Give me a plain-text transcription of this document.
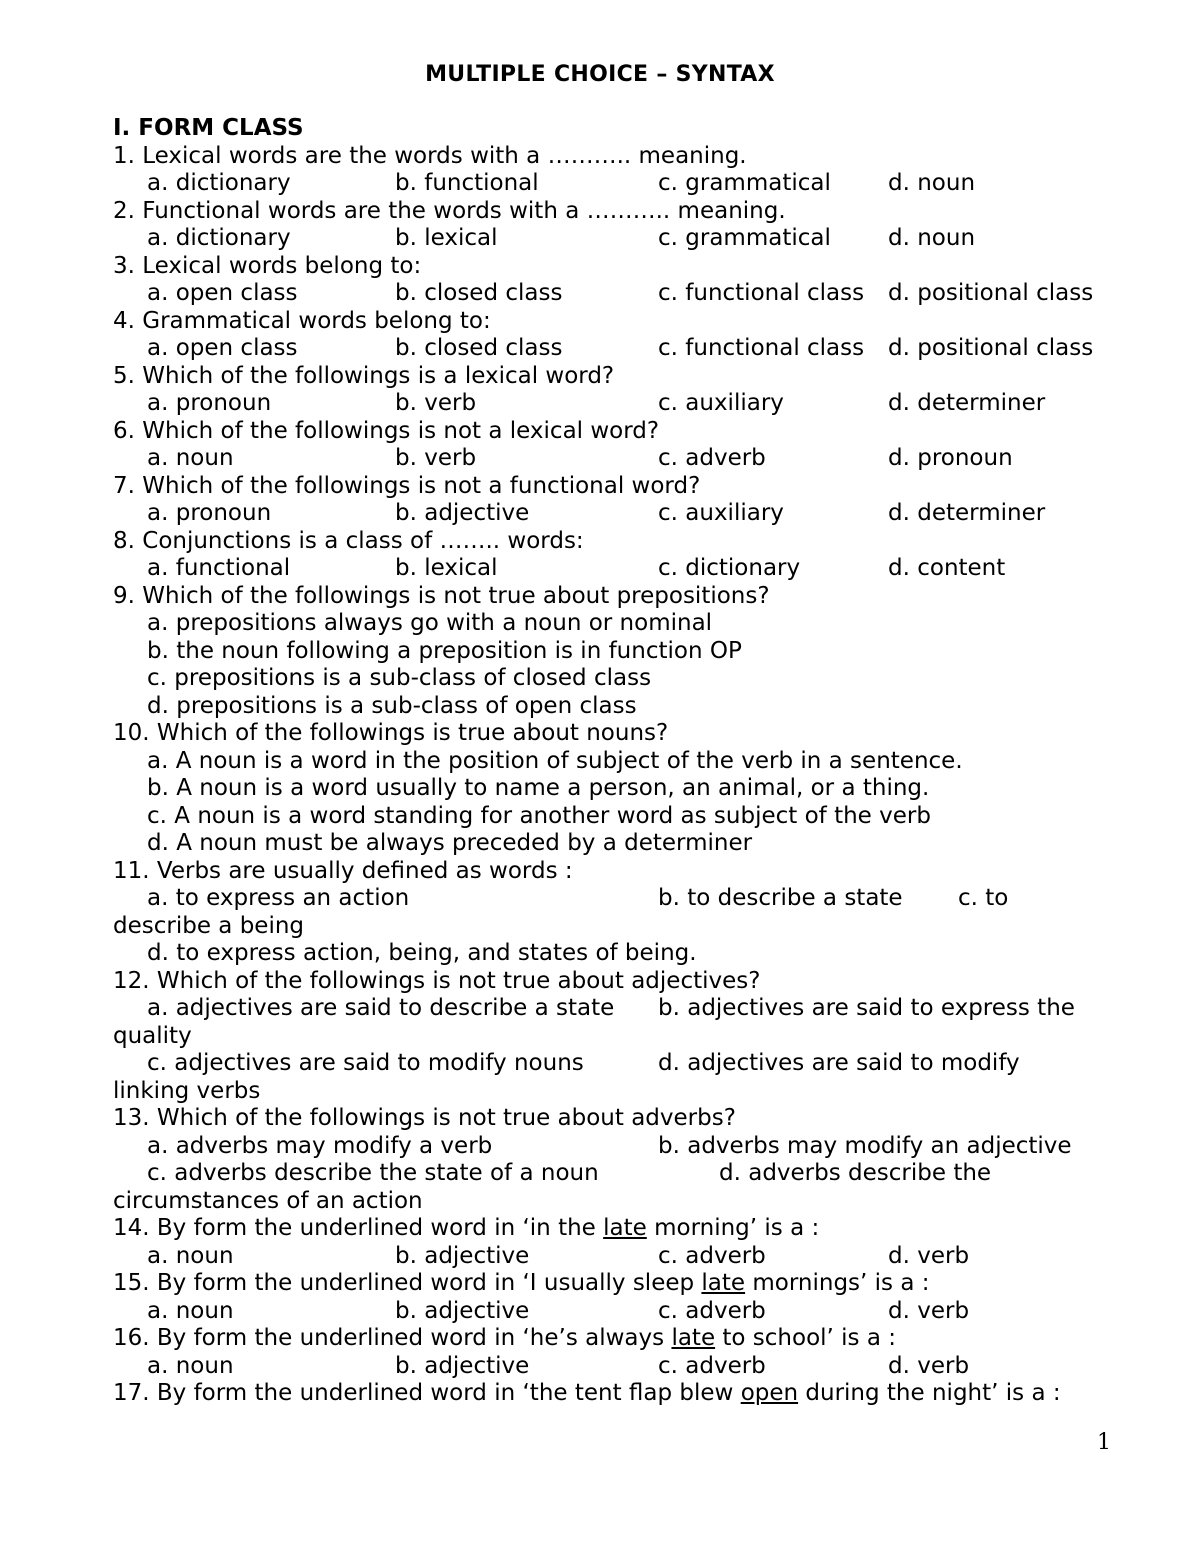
MULTIPLE CHOICE – SYNTAX
I. FORM CLASS
1. Lexical words are the words with a ……….. meaning.
a. dictionary	b. functional	c. grammatical d. noun
2. Functional words are the words with a ……….. meaning.
a. dictionary	b. lexical	c. grammatical d. noun
3. Lexical words belong to:
a. open class	b. closed class	c. functional class d. positional class
4. Grammatical words belong to:
a. open class	b. closed class	c. functional class d. positional class
5. Which of the followings is a lexical word?
a. pronoun	b. verb	c. auxiliary	d. determiner
6. Which of the followings is not a lexical word?
a. noun	b. verb	c. adverb	d. pronoun
7. Which of the followings is not a functional word?
a. pronoun	b. adjective	c. auxiliary	d. determiner
8. Conjunctions is a class of …….. words:
a. functional	b. lexical	c. dictionary	d. content
9. Which of the followings is not true about prepositions?
a. prepositions always go with a noun or nominal
b. the noun following a preposition is in function OP
c. prepositions is a sub-class of closed class
d. prepositions is a sub-class of open class
10. Which of the followings is true about nouns?
a. A noun is a word in the position of subject of the verb in a sentence.
b. A noun is a word usually to name a person, an animal, or a thing.
c. A noun is a word standing for another word as subject of the verb
d. A noun must be always preceded by a determiner
11. Verbs are usually defined as words :
a. to express an action	b. to describe a state c. to
describe a being
d. to express action, being, and states of being.
12. Which of the followings is not true about adjectives?
a. adjectives are said to describe a state b. adjectives are said to express the
quality
c. adjectives are said to modify nouns	d. adjectives are said to modify
linking verbs
13. Which of the followings is not true about adverbs?
a. adverbs may modify a verb	b. adverbs may modify an adjective
c. adverbs describe the state of a noun	d. adverbs describe the
circumstances of an action
14. By form the underlined word in ‘in the late morning’ is a :
a. noun	b. adjective	c. adverb	d. verb
15. By form the underlined word in ‘I usually sleep late mornings’ is a :
a. noun	b. adjective	c. adverb	d. verb
16. By form the underlined word in ‘he’s always late to school’ is a :
a. noun	b. adjective	c. adverb	d. verb
17. By form the underlined word in ‘the tent flap blew open during the night’ is a :
1
